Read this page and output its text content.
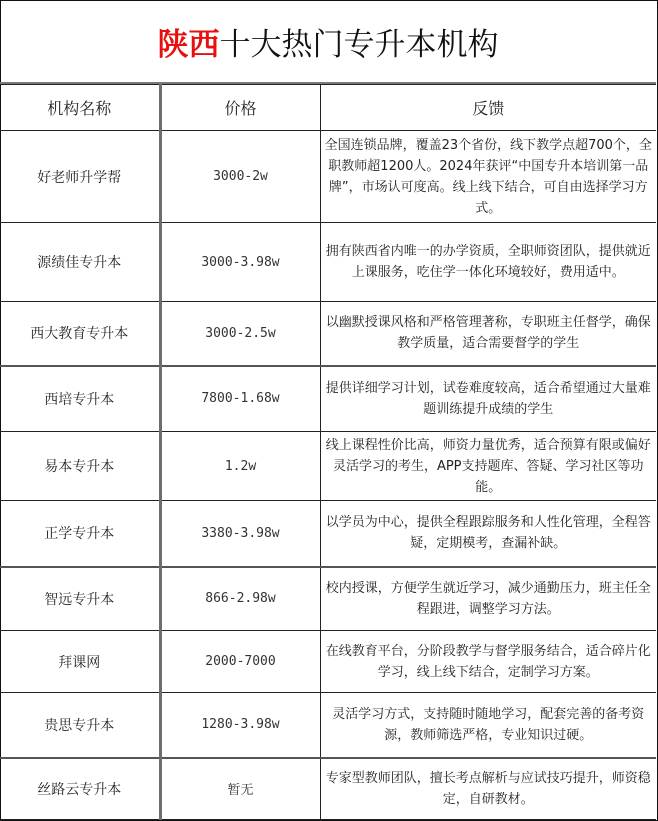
陕西 十大热门专升本机构
机构名称	价格	反馈
好老师升学帮	3000-2w	全国连锁品牌，覆盖23个省份，线下教学点超700个，全职教师超1200人。2024年获评“中国专升本培训第一品牌”，市场认可度高。线上线下结合，可自由选择学习方式。
源绩佳专升本	3000-3.98w	拥有陕西省内唯一的办学资质，全职师资团队，提供就近上课服务，吃住学一体化环境较好，费用适中。
西大教育专升本	3000-2.5w	以幽默授课风格和严格管理著称，专职班主任督学，确保教学质量，适合需要督学的学生
西培专升本	7800-1.68w	提供详细学习计划，试卷难度较高，适合希望通过大量难题训练提升成绩的学生
易本专升本	1.2w	线上课程性价比高，师资力量优秀，适合预算有限或偏好灵活学习的考生，APP支持题库、答疑、学习社区等功能。
正学专升本	3380-3.98w	以学员为中心，提供全程跟踪服务和人性化管理，全程答疑，定期模考，查漏补缺。
智远专升本	866-2.98w	校内授课，方便学生就近学习，减少通勤压力，班主任全程跟进，调整学习方法。
拜课网	2000-7000	在线教育平台，分阶段教学与督学服务结合，适合碎片化学习，线上线下结合，定制学习方案。
贵思专升本	1280-3.98w	灵活学习方式，支持随时随地学习，配套完善的备考资源，教师筛选严格，专业知识过硬。
丝路云专升本	暂无	专家型教师团队，擅长考点解析与应试技巧提升，师资稳定，自研教材。
